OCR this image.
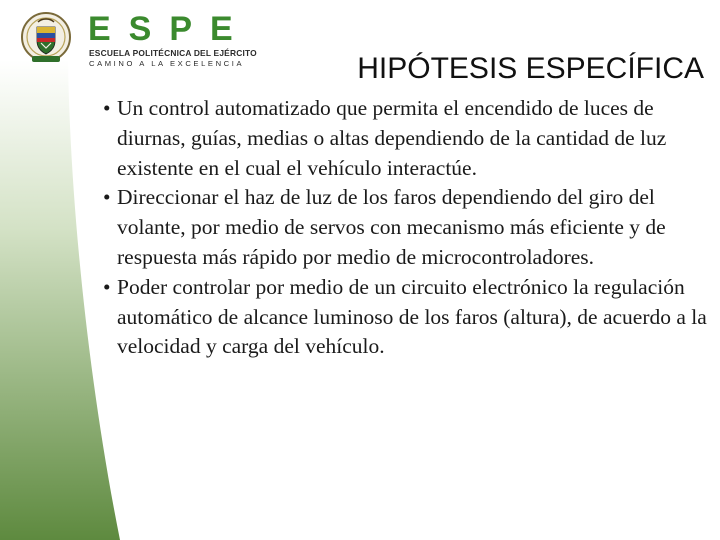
ESPE
ESCUELA POLITÉCNICA DEL EJÉRCITO
CAMINO A LA EXCELENCIA	HIPÓTESIS ESPECÍFICA
• Un control automatizado que permita el encendido de luces de diurnas, guías, medias o altas dependiendo de la cantidad de luz existente en el cual el vehículo interactúe.
• Direccionar el haz de luz de los faros dependiendo del giro del volante, por medio de servos con mecanismo más eficiente y de respuesta más rápido por medio de microcontroladores.
• Poder controlar por medio de un circuito electrónico la regulación automático de alcance luminoso de los faros (altura), de acuerdo a la velocidad y carga del vehículo.
